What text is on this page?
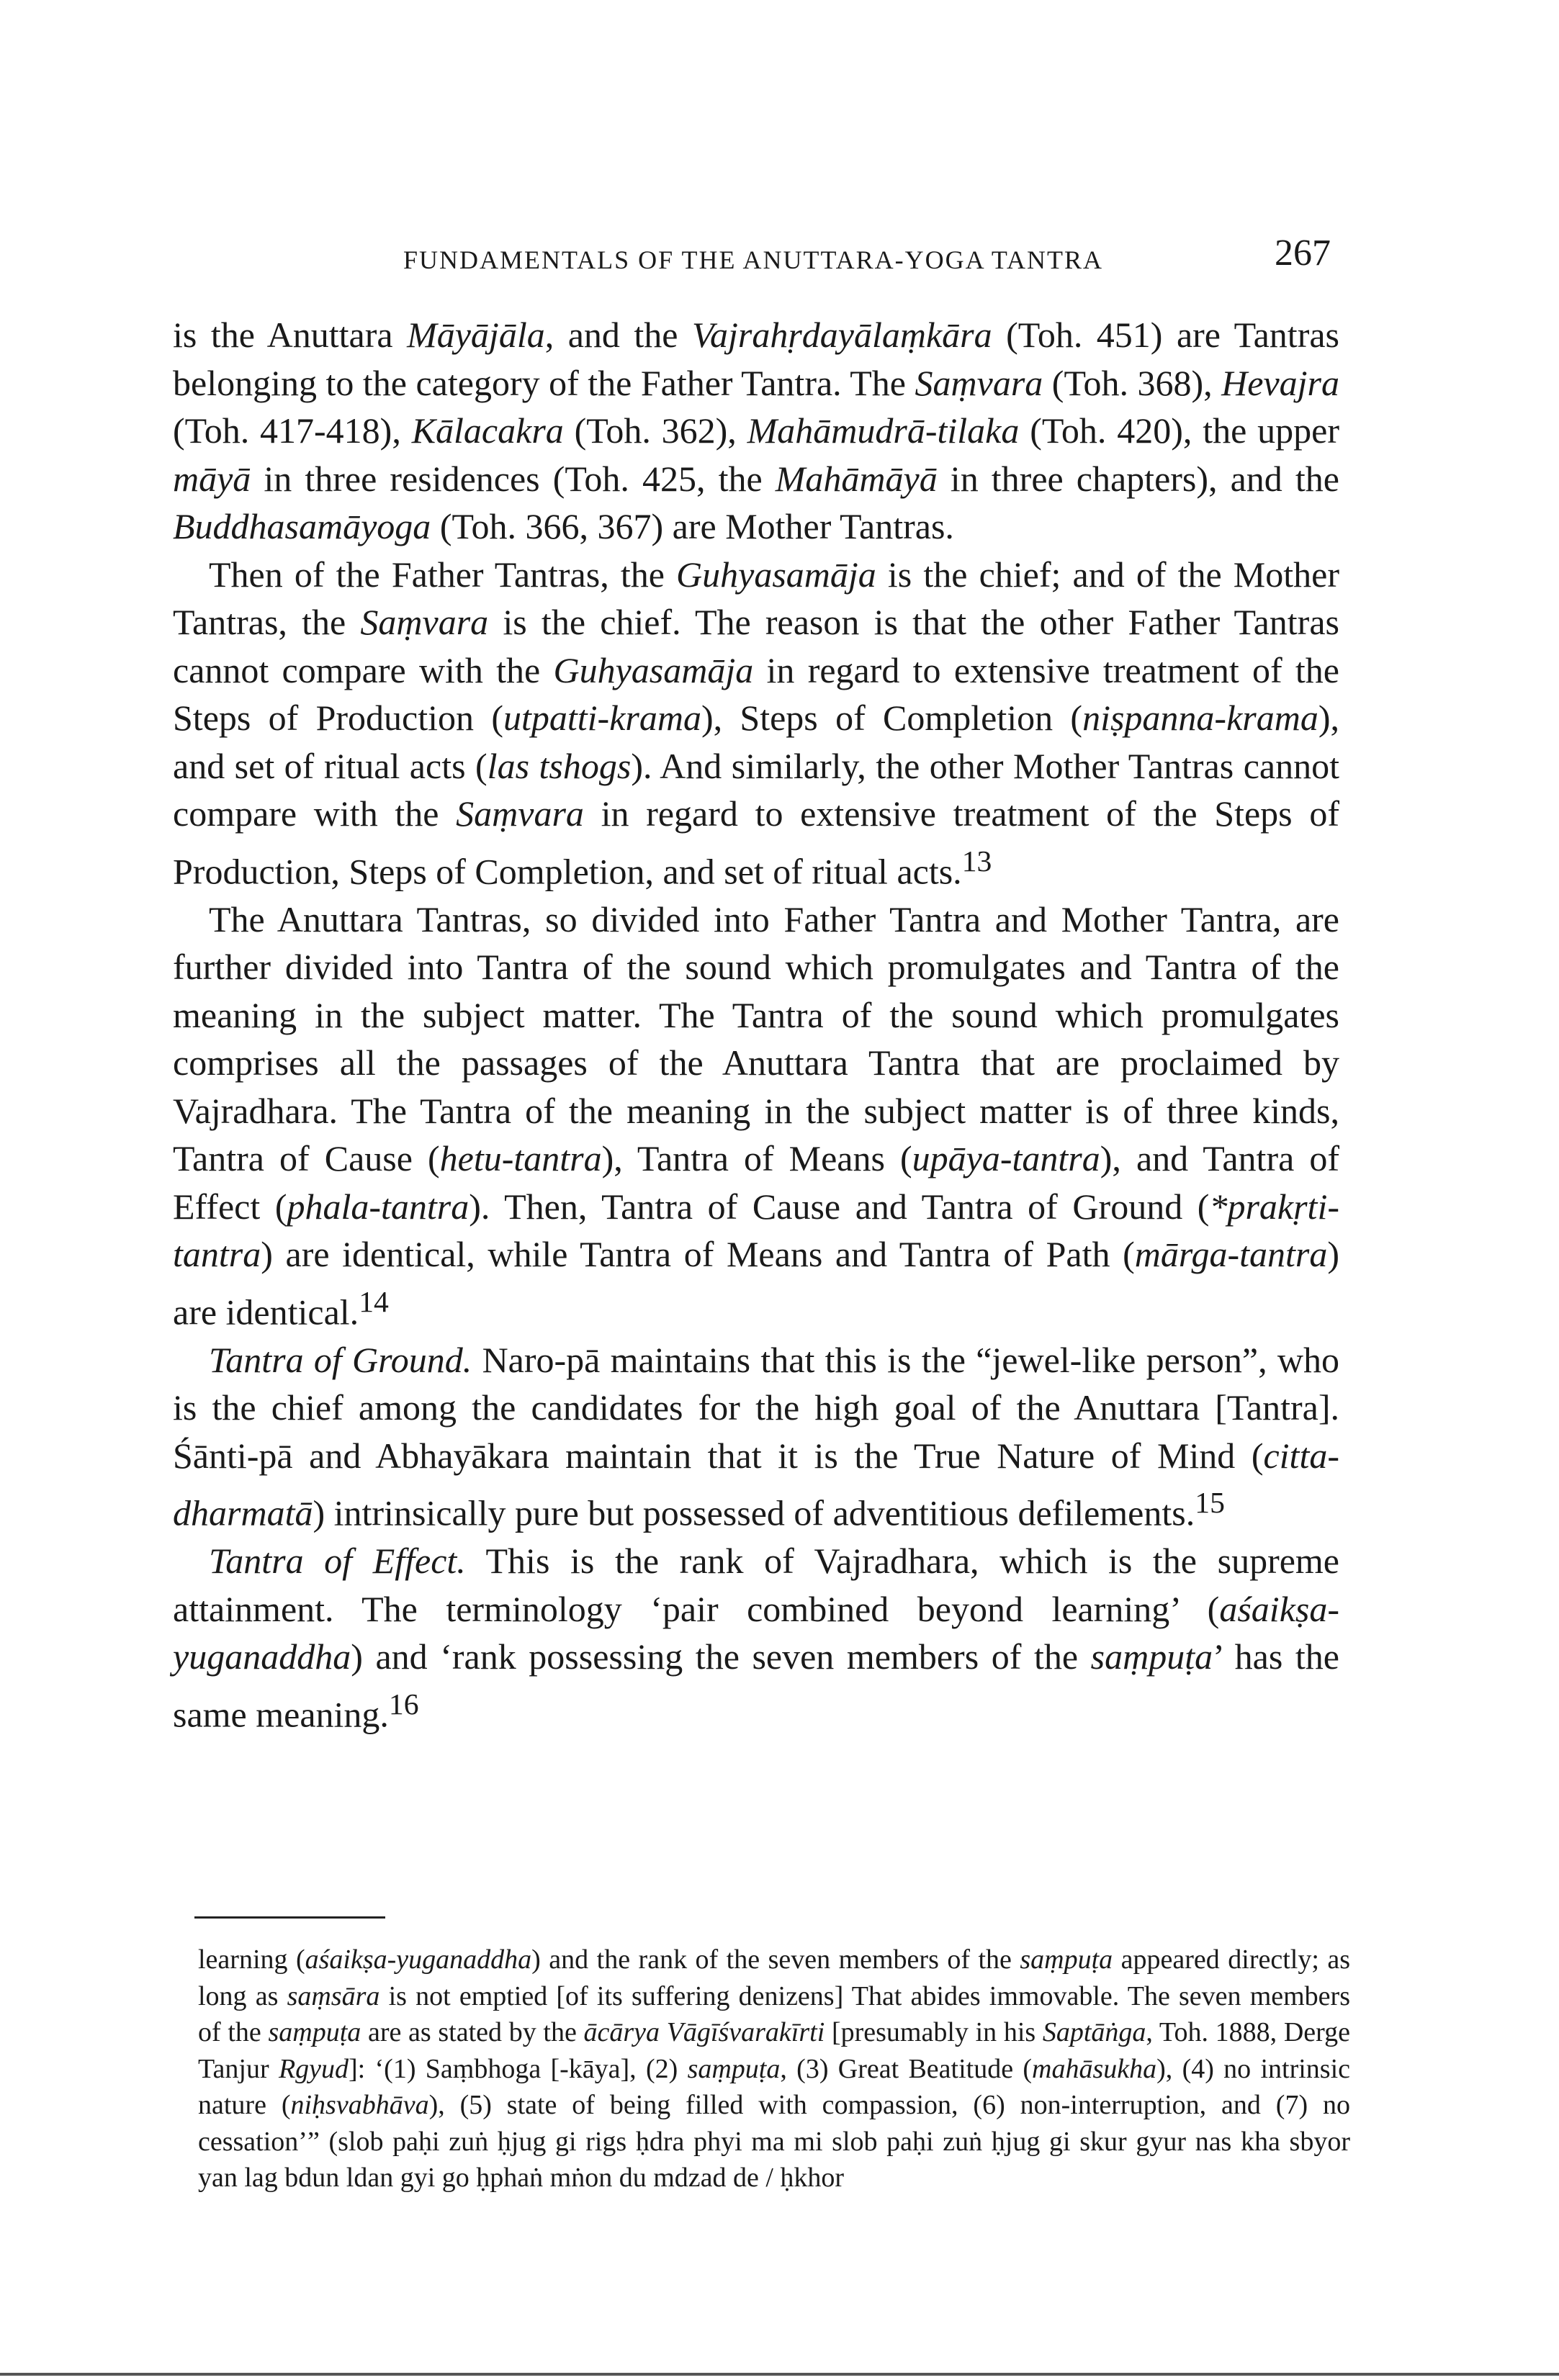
FUNDAMENTALS OF THE ANUTTARA-YOGA TANTRA	267

is the Anuttara Māyājāla, and the Vajrahṛdayālaṃkāra (Toh. 451) are Tantras belonging to the category of the Father Tantra. The Saṃvara (Toh. 368), Hevajra (Toh. 417-418), Kālacakra (Toh. 362), Mahāmudrā-tilaka (Toh. 420), the upper māyā in three residences (Toh. 425, the Mahāmāyā in three chapters), and the Buddhasamāyoga (Toh. 366, 367) are Mother Tantras.

Then of the Father Tantras, the Guhyasamāja is the chief; and of the Mother Tantras, the Saṃvara is the chief. The reason is that the other Father Tantras cannot compare with the Guhyasamāja in regard to extensive treatment of the Steps of Production (utpatti-krama), Steps of Completion (niṣpanna-krama), and set of ritual acts (las tshogs). And similarly, the other Mother Tantras cannot compare with the Saṃvara in regard to extensive treatment of the Steps of Production, Steps of Completion, and set of ritual acts.$^{13}$

The Anuttara Tantras, so divided into Father Tantra and Mother Tantra, are further divided into Tantra of the sound which promulgates and Tantra of the meaning in the subject matter. The Tantra of the sound which promulgates comprises all the passages of the Anuttara Tantra that are proclaimed by Vajradhara. The Tantra of the meaning in the subject matter is of three kinds, Tantra of Cause (hetu-tantra), Tantra of Means (upāya-tantra), and Tantra of Effect (phala-tantra). Then, Tantra of Cause and Tantra of Ground (*prakṛti-tantra) are identical, while Tantra of Means and Tantra of Path (mārga-tantra) are identical.$^{14}$

Tantra of Ground. Naro-pā maintains that this is the “jewel-like person”, who is the chief among the candidates for the high goal of the Anuttara [Tantra]. Śānti-pā and Abhayākara maintain that it is the True Nature of Mind (citta-dharmatā) intrinsically pure but possessed of adventitious defilements.$^{15}$

Tantra of Effect. This is the rank of Vajradhara, which is the supreme attainment. The terminology ‘pair combined beyond learning’ (aśaikṣa-yuganaddha) and ‘rank possessing the seven members of the saṃpuṭa’ has the same meaning.$^{16}$

learning (aśaikṣa-yuganaddha) and the rank of the seven members of the saṃpuṭa appeared directly; as long as saṃsāra is not emptied [of its suffering denizens] That abides immovable. The seven members of the saṃpuṭa are as stated by the ācārya Vāgīśvarakīrti [presumably in his Saptāṅga, Toh. 1888, Derge Tanjur Rgyud]: ‘(1) Saṃbhoga [-kāya], (2) saṃpuṭa, (3) Great Beatitude (mahāsukha), (4) no intrinsic nature (niḥsvabhāva), (5) state of being filled with compassion, (6) non-interruption, and (7) no cessation’” (slob paḥi zuṅ ḥjug gi rigs ḥdra phyi ma mi slob paḥi zuṅ ḥjug gi skur gyur nas kha sbyor yan lag bdun ldan gyi go ḥphaṅ mṅon du mdzad de / ḥkhor
